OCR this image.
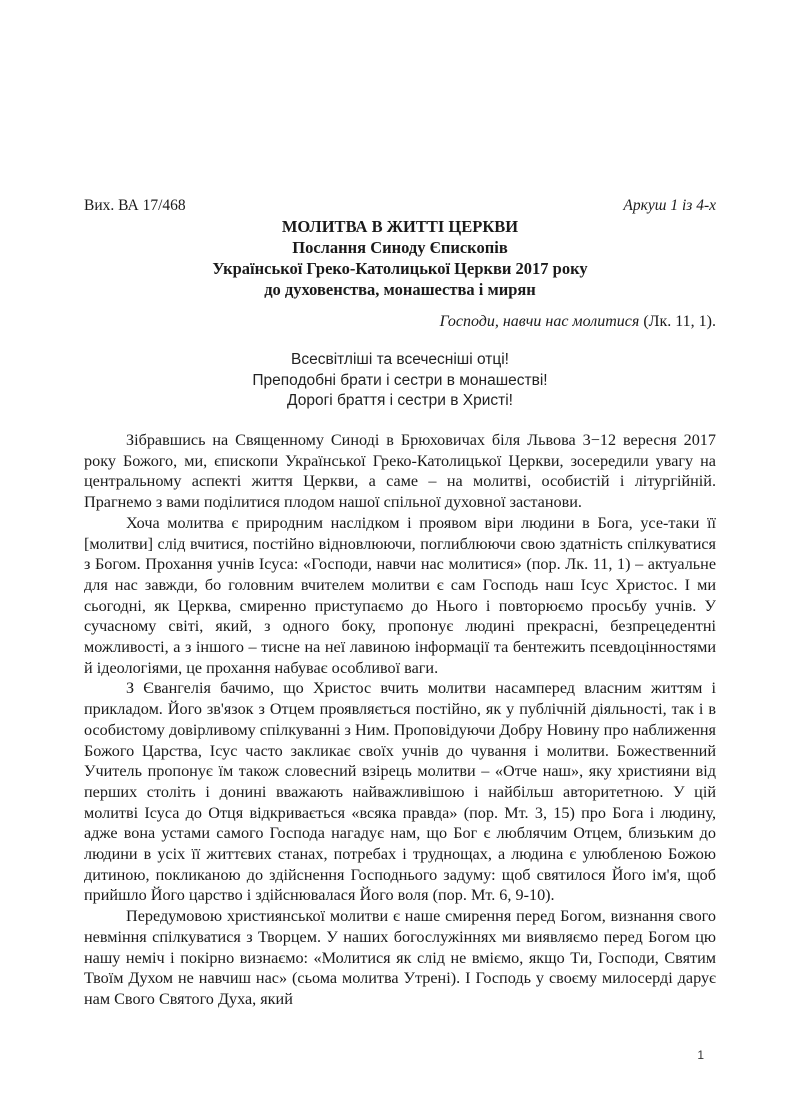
Вих. ВА 17/468	Аркуш 1 із 4-х
МОЛИТВА В ЖИТТІ ЦЕРКВИ
Послання Синоду Єпископів
Української Греко-Католицької Церкви 2017 року
до духовенства, монашества і мирян
Господи, навчи нас молитися (Лк. 11, 1).
Всесвітліші та всечесніші отці!
Преподобні брати і сестри в монашестві!
Дорогі браття і сестри в Христі!

Зібравшись на Священному Синоді в Брюховичах біля Львова 3−12 вересня 2017 року Божого, ми, єпископи Української Греко-Католицької Церкви, зосередили увагу на центральному аспекті життя Церкви, а саме – на молитві, особистій і літургійній. Прагнемо з вами поділитися плодом нашої спільної духовної застанови.

Хоча молитва є природним наслідком і проявом віри людини в Бога, усе-таки її [молитви] слід вчитися, постійно відновлюючи, поглиблюючи свою здатність спілкуватися з Богом. Прохання учнів Ісуса: «Господи, навчи нас молитися» (пор. Лк. 11, 1) – актуальне для нас завжди, бо головним вчителем молитви є сам Господь наш Ісус Христос. І ми сьогодні, як Церква, смиренно приступаємо до Нього і повторюємо просьбу учнів. У сучасному світі, який, з одного боку, пропонує людині прекрасні, безпрецедентні можливості, а з іншого – тисне на неї лавиною інформації та бентежить псевдоцінностями й ідеологіями, це прохання набуває особливої ваги.

З Євангелія бачимо, що Христос вчить молитви насамперед власним життям і прикладом. Його зв'язок з Отцем проявляється постійно, як у публічній діяльності, так і в особистому довірливому спілкуванні з Ним. Проповідуючи Добру Новину про наближення Божого Царства, Ісус часто закликає своїх учнів до чування і молитви. Божественний Учитель пропонує їм також словесний взірець молитви – «Отче наш», яку християни від перших століть і донині вважають найважливішою і найбільш авторитетною. У цій молитві Ісуса до Отця відкривається «всяка правда» (пор. Мт. 3, 15) про Бога і людину, адже вона устами самого Господа нагадує нам, що Бог є люблячим Отцем, близьким до людини в усіх її життєвих станах, потребах і труднощах, а людина є улюбленою Божою дитиною, покликаною до здійснення Господнього задуму: щоб святилося Його ім'я, щоб прийшло Його царство і здійснювалася Його воля (пор. Мт. 6, 9-10).

Передумовою християнської молитви є наше смирення перед Богом, визнання свого невміння спілкуватися з Творцем. У наших богослужіннях ми виявляємо перед Богом цю нашу неміч і покірно визнаємо: «Молитися як слід не вміємо, якщо Ти, Господи, Святим Твоїм Духом не навчиш нас» (сьома молитва Утрені). І Господь у своєму милосерді дарує нам Свого Святого Духа, який

1
